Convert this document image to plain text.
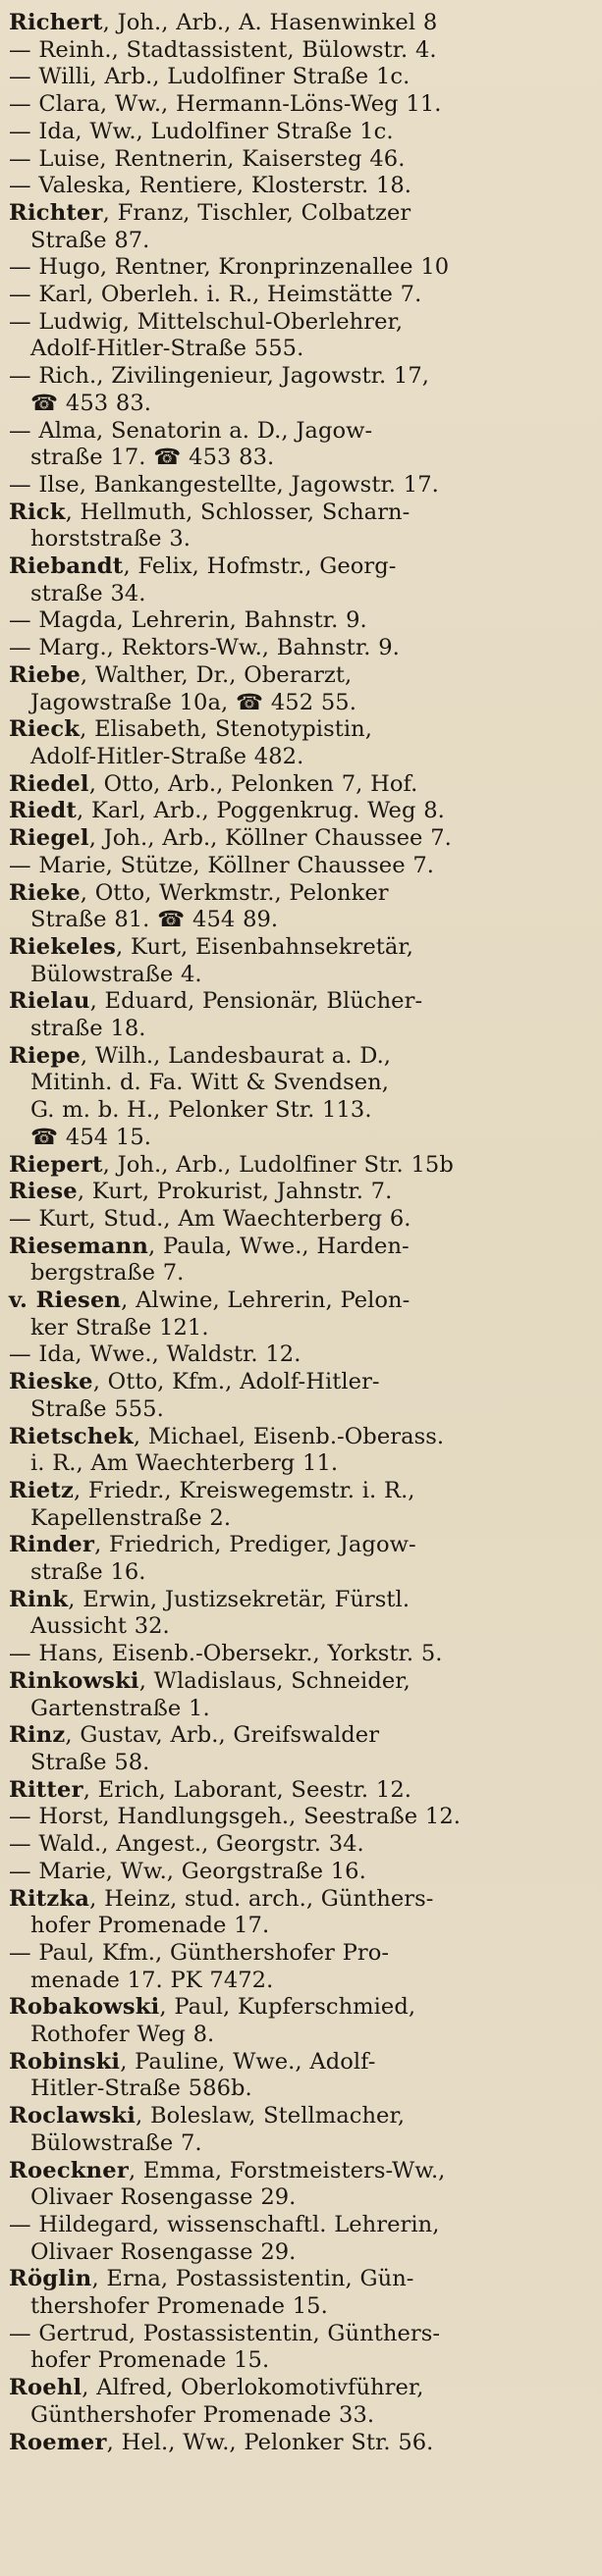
Richert, Joh., Arb., A. Hasenwinkel 8
— Reinh., Stadtassistent, Bülowstr. 4.
— Willi, Arb., Ludolfiner Straße 1c.
— Clara, Ww., Hermann-Löns-Weg 11.
— Ida, Ww., Ludolfiner Straße 1c.
— Luise, Rentnerin, Kaisersteg 46.
— Valeska, Rentiere, Klosterstr. 18.
Richter, Franz, Tischler, Colbatzer
Straße 87.
— Hugo, Rentner, Kronprinzenallee 10
— Karl, Oberleh. i. R., Heimstätte 7.
— Ludwig, Mittelschul-Oberlehrer,
Adolf-Hitler-Straße 555.
— Rich., Zivilingenieur, Jagowstr. 17,
☎ 453 83.
— Alma, Senatorin a. D., Jagow-
straße 17. ☎ 453 83.
— Ilse, Bankangestellte, Jagowstr. 17.
Rick, Hellmuth, Schlosser, Scharn-
horststraße 3.
Riebandt, Felix, Hofmstr., Georg-
straße 34.
— Magda, Lehrerin, Bahnstr. 9.
— Marg., Rektors-Ww., Bahnstr. 9.
Riebe, Walther, Dr., Oberarzt,
Jagowstraße 10a, ☎ 452 55.
Rieck, Elisabeth, Stenotypistin,
Adolf-Hitler-Straße 482.
Riedel, Otto, Arb., Pelonken 7, Hof.
Riedt, Karl, Arb., Poggenkrug. Weg 8.
Riegel, Joh., Arb., Köllner Chaussee 7.
— Marie, Stütze, Köllner Chaussee 7.
Rieke, Otto, Werkmstr., Pelonker
Straße 81. ☎ 454 89.
Riekeles, Kurt, Eisenbahnsekretär,
Bülowstraße 4.
Rielau, Eduard, Pensionär, Blücher-
straße 18.
Riepe, Wilh., Landesbaurat a. D.,
Mitinh. d. Fa. Witt & Svendsen,
G. m. b. H., Pelonker Str. 113.
☎ 454 15.
Riepert, Joh., Arb., Ludolfiner Str. 15b
Riese, Kurt, Prokurist, Jahnstr. 7.
— Kurt, Stud., Am Waechterberg 6.
Riesemann, Paula, Wwe., Harden-
bergstraße 7.
v. Riesen, Alwine, Lehrerin, Pelon-
ker Straße 121.
— Ida, Wwe., Waldstr. 12.
Rieske, Otto, Kfm., Adolf-Hitler-
Straße 555.
Rietschek, Michael, Eisenb.-Oberass.
i. R., Am Waechterberg 11.
Rietz, Friedr., Kreiswegemstr. i. R.,
Kapellenstraße 2.
Rinder, Friedrich, Prediger, Jagow-
straße 16.
Rink, Erwin, Justizsekretär, Fürstl.
Aussicht 32.
— Hans, Eisenb.-Obersekr., Yorkstr. 5.
Rinkowski, Wladislaus, Schneider,
Gartenstraße 1.
Rinz, Gustav, Arb., Greifswalder
Straße 58.
Ritter, Erich, Laborant, Seestr. 12.
— Horst, Handlungsgeh., Seestraße 12.
— Wald., Angest., Georgstr. 34.
— Marie, Ww., Georgstraße 16.
Ritzka, Heinz, stud. arch., Günthers-
hofer Promenade 17.
— Paul, Kfm., Günthershofer Pro-
menade 17. PK 7472.
Robakowski, Paul, Kupferschmied,
Rothofer Weg 8.
Robinski, Pauline, Wwe., Adolf-
Hitler-Straße 586b.
Roclawski, Boleslaw, Stellmacher,
Bülowstraße 7.
Roeckner, Emma, Forstmeisters-Ww.,
Olivaer Rosengasse 29.
— Hildegard, wissenschaftl. Lehrerin,
Olivaer Rosengasse 29.
Röglin, Erna, Postassistentin, Gün-
thershofer Promenade 15.
— Gertrud, Postassistentin, Günthers-
hofer Promenade 15.
Roehl, Alfred, Oberlokomotivführer,
Günthershofer Promenade 33.
Roemer, Hel., Ww., Pelonker Str. 56.
